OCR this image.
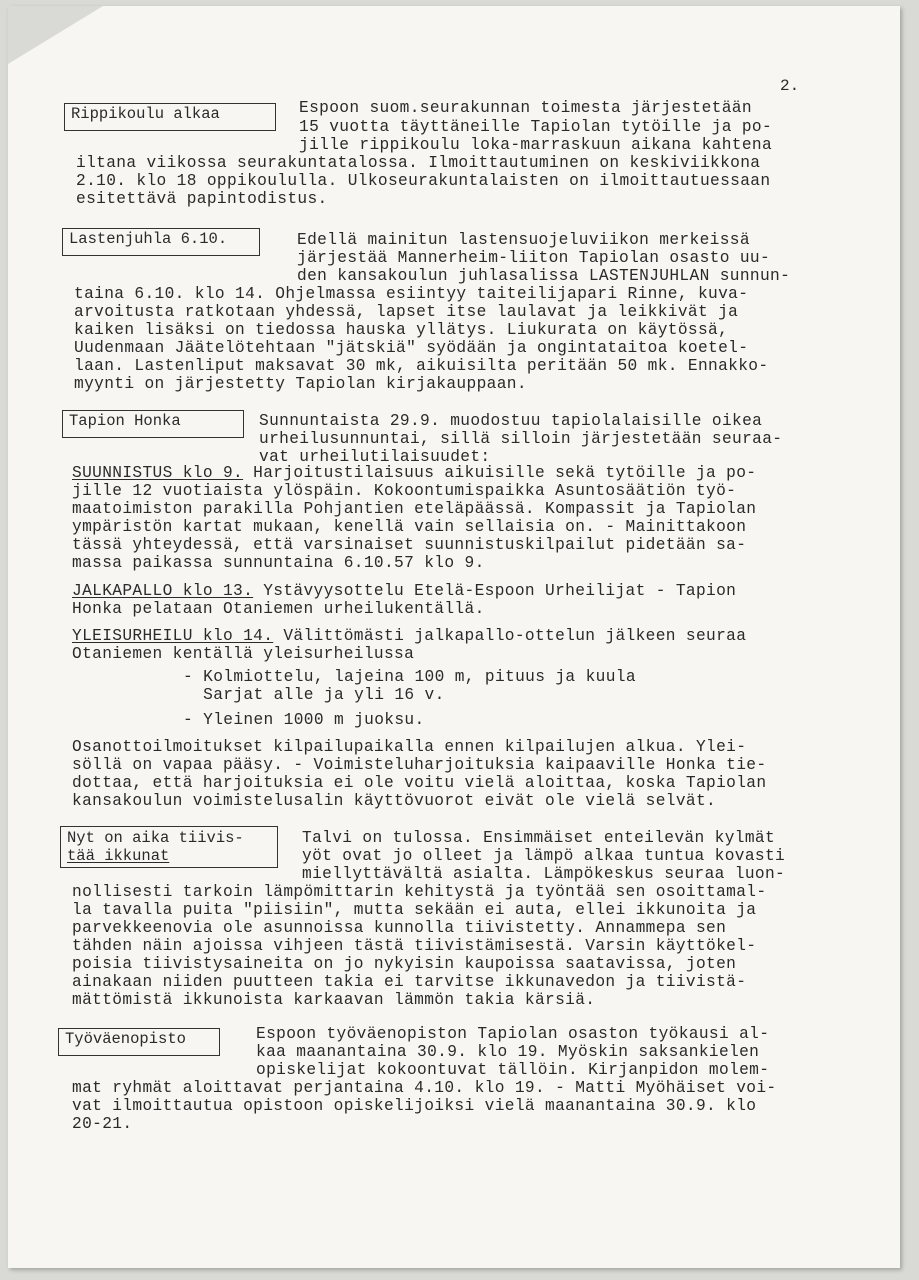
2.
Rippikoulu alkaa	Espoon suom.seurakunnan toimesta järjestetään
15 vuotta täyttäneille Tapiolan tytöille ja po-
jille rippikoulu loka-marraskuun aikana kahtena
iltana viikossa seurakuntatalossa. Ilmoittautuminen on keskiviikkona
2.10. klo 18 oppikoululla. Ulkoseurakuntalaisten on ilmoittautuessaan
esitettävä papintodistus.
Lastenjuhla 6.10.	Edellä mainitun lastensuojeluviikon merkeissä
järjestää Mannerheim-liiton Tapiolan osasto uu-
den kansakoulun juhlasalissa LASTENJUHLAN sunnun-
taina 6.10. klo 14. Ohjelmassa esiintyy taiteilijapari Rinne, kuva-
arvoitusta ratkotaan yhdessä, lapset itse laulavat ja leikkivät ja
kaiken lisäksi on tiedossa hauska yllätys. Liukurata on käytössä,
Uudenmaan Jäätelötehtaan "jätskiä" syödään ja ongintataitoa koetel-
laan. Lastenliput maksavat 30 mk, aikuisilta peritään 50 mk. Ennakko-
myynti on järjestetty Tapiolan kirjakauppaan.
Tapion Honka	Sunnuntaista 29.9. muodostuu tapiolalaisille oikea
urheilusunnuntai, sillä silloin järjestetään seuraa-
vat urheilutilaisuudet:
SUUNNISTUS klo 9. Harjoitustilaisuus aikuisille sekä tytöille ja po-
jille 12 vuotiaista ylöspäin. Kokoontumispaikka Asuntosäätiön työ-
maatoimiston parakilla Pohjantien eteläpäässä. Kompassit ja Tapiolan
ympäristön kartat mukaan, kenellä vain sellaisia on. - Mainittakoon
tässä yhteydessä, että varsinaiset suunnistuskilpailut pidetään sa-
massa paikassa sunnuntaina 6.10.57 klo 9.
JALKAPALLO klo 13. Ystävyysottelu Etelä-Espoon Urheilijat - Tapion
Honka pelataan Otaniemen urheilukentällä.
YLEISURHEILU klo 14. Välittömästi jalkapallo-ottelun jälkeen seuraa
Otaniemen kentällä yleisurheilussa
- Kolmiottelu, lajeina 100 m, pituus ja kuula
Sarjat alle ja yli 16 v.
- Yleinen 1000 m juoksu.
Osanottoilmoitukset kilpailupaikalla ennen kilpailujen alkua. Ylei-
söllä on vapaa pääsy. - Voimisteluharjoituksia kaipaaville Honka tie-
dottaa, että harjoituksia ei ole voitu vielä aloittaa, koska Tapiolan
kansakoulun voimistelusalin käyttövuorot eivät ole vielä selvät.
Nyt on aika tiivis-
tää ikkunat
Talvi on tulossa. Ensimmäiset enteilevän kylmät
yöt ovat jo olleet ja lämpö alkaa tuntua kovasti
miellyttävältä asialta. Lämpökeskus seuraa luon-
nollisesti tarkoin lämpömittarin kehitystä ja työntää sen osoittamal-
la tavalla puita "piisiin", mutta sekään ei auta, ellei ikkunoita ja
parvekkeenovia ole asunnoissa kunnolla tiivistetty. Annammepa sen
tähden näin ajoissa vihjeen tästä tiivistämisestä. Varsin käyttökel-
poisia tiivistysaineita on jo nykyisin kaupoissa saatavissa, joten
ainakaan niiden puutteen takia ei tarvitse ikkunavedon ja tiivistä-
mättömistä ikkunoista karkaavan lämmön takia kärsiä.
Työväenopisto	Espoon työväenopiston Tapiolan osaston työkausi al-
kaa maanantaina 30.9. klo 19. Myöskin saksankielen
opiskelijat kokoontuvat tällöin. Kirjanpidon molem-
mat ryhmät aloittavat perjantaina 4.10. klo 19. - Matti Myöhäiset voi-
vat ilmoittautua opistoon opiskelijoiksi vielä maanantaina 30.9. klo
20-21.
